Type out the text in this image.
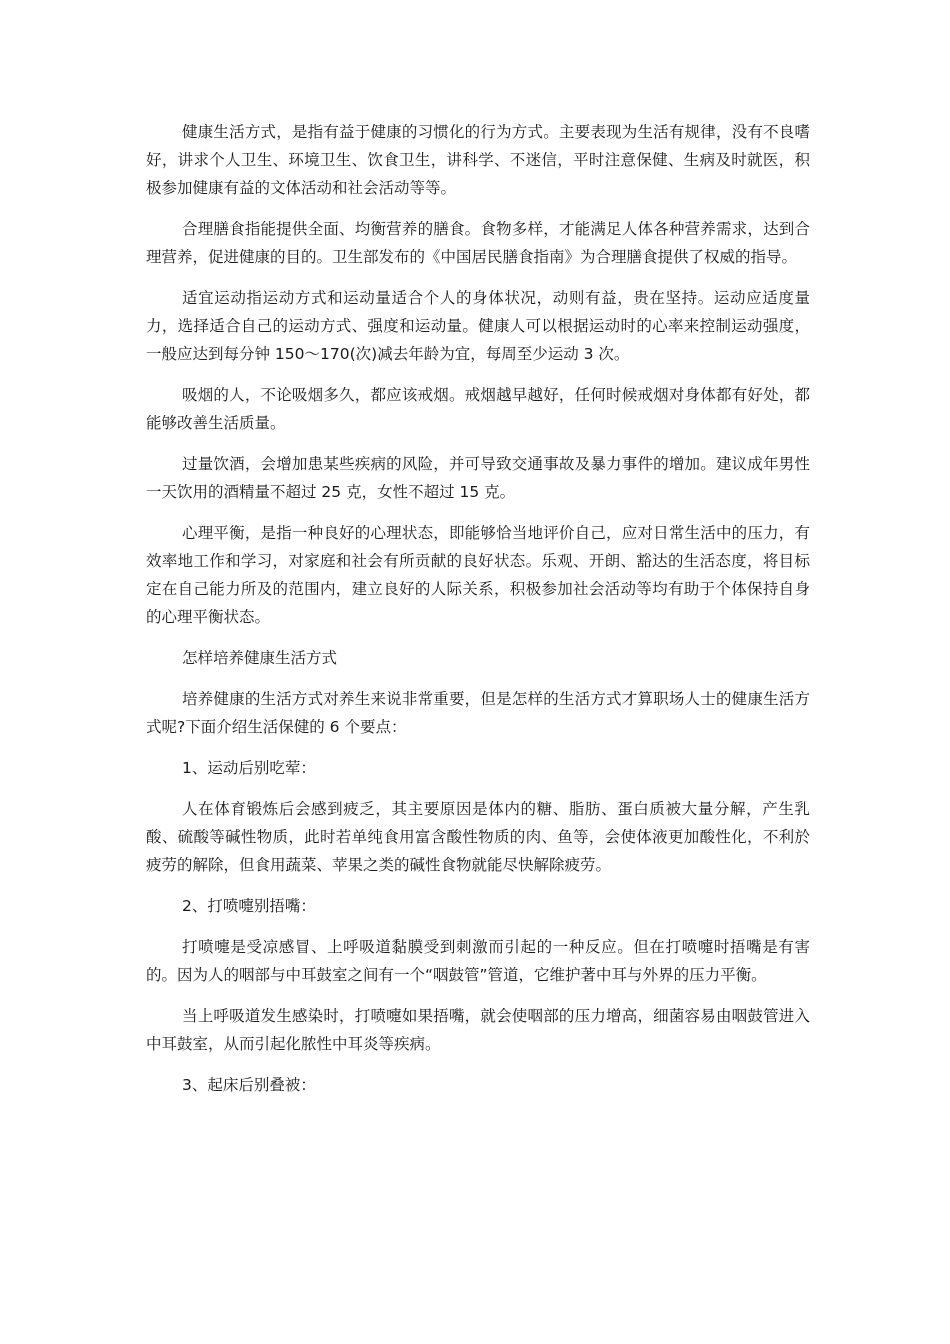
健康生活方式，是指有益于健康的习惯化的行为方式。主要表现为生活有规律，没有不良嗜好，讲求个人卫生、环境卫生、饮食卫生，讲科学、不迷信，平时注意保健、生病及时就医，积极参加健康有益的文体活动和社会活动等等。

合理膳食指能提供全面、均衡营养的膳食。食物多样，才能满足人体各种营养需求，达到合理营养，促进健康的目的。卫生部发布的《中国居民膳食指南》为合理膳食提供了权威的指导。

适宜运动指运动方式和运动量适合个人的身体状况，动则有益，贵在坚持。运动应适度量力，选择适合自己的运动方式、强度和运动量。健康人可以根据运动时的心率来控制运动强度，一般应达到每分钟 150～170(次)减去年龄为宜，每周至少运动 3 次。

吸烟的人，不论吸烟多久，都应该戒烟。戒烟越早越好，任何时候戒烟对身体都有好处，都能够改善生活质量。

过量饮酒，会增加患某些疾病的风险，并可导致交通事故及暴力事件的增加。建议成年男性一天饮用的酒精量不超过 25 克，女性不超过 15 克。

心理平衡，是指一种良好的心理状态，即能够恰当地评价自己，应对日常生活中的压力，有效率地工作和学习，对家庭和社会有所贡献的良好状态。乐观、开朗、豁达的生活态度，将目标定在自己能力所及的范围内，建立良好的人际关系，积极参加社会活动等均有助于个体保持自身的心理平衡状态。

怎样培养健康生活方式

培养健康的生活方式对养生来说非常重要，但是怎样的生活方式才算职场人士的健康生活方式呢?下面介绍生活保健的 6 个要点：

1、运动后别吃荤：

人在体育锻炼后会感到疲乏，其主要原因是体内的糖、脂肪、蛋白质被大量分解，产生乳酸、硫酸等碱性物质，此时若单纯食用富含酸性物质的肉、鱼等，会使体液更加酸性化，不利於疲劳的解除，但食用蔬菜、苹果之类的碱性食物就能尽快解除疲劳。

2、打喷嚏别捂嘴：

打喷嚏是受凉感冒、上呼吸道黏膜受到刺激而引起的一种反应。但在打喷嚏时捂嘴是有害的。因为人的咽部与中耳鼓室之间有一个“咽鼓管”管道，它维护著中耳与外界的压力平衡。

当上呼吸道发生感染时，打喷嚏如果捂嘴，就会使咽部的压力增高，细菌容易由咽鼓管进入中耳鼓室，从而引起化脓性中耳炎等疾病。

3、起床后别叠被：
